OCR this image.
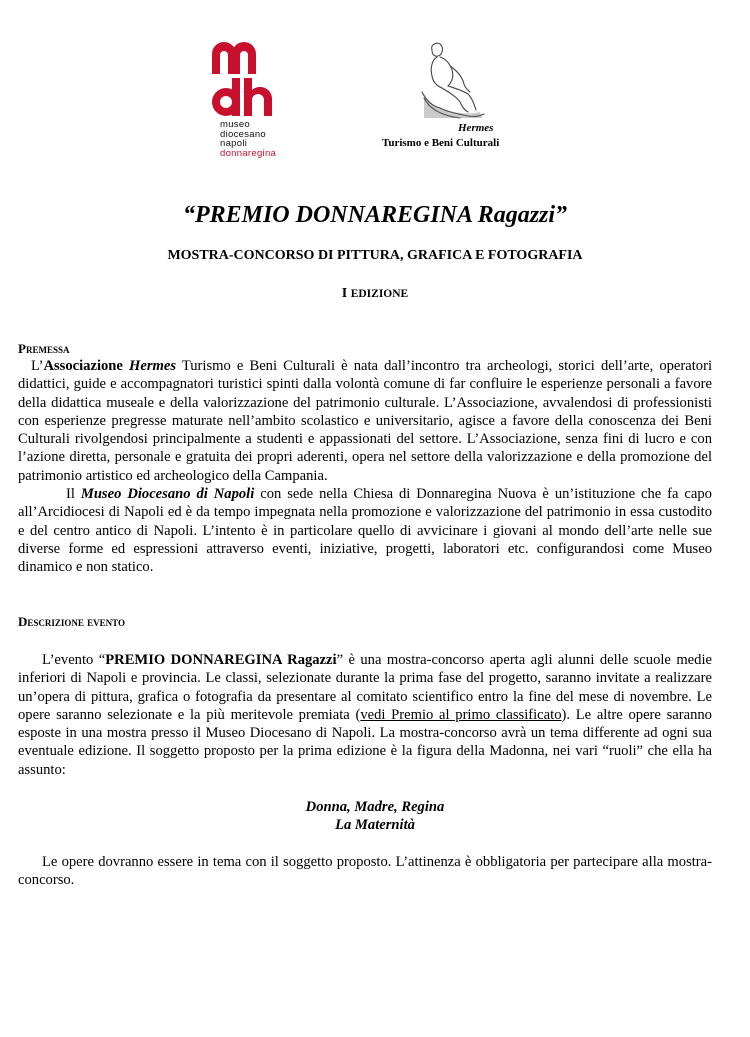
museo
diocesano
napoli
donnaregina
Hermes
Turismo e Beni Culturali
“PREMIO DONNAREGINA Ragazzi”
MOSTRA-CONCORSO DI PITTURA, GRAFICA E FOTOGRAFIA
I EDIZIONE
Premessa

L’Associazione Hermes Turismo e Beni Culturali è nata dall’incontro tra archeologi, storici dell’arte, operatori didattici, guide e accompagnatori turistici spinti dalla volontà comune di far confluire le esperienze personali a favore della didattica museale e della valorizzazione del patrimonio culturale. L’Associazione, avvalendosi di professionisti con esperienze pregresse maturate nell’ambito scolastico e universitario, agisce a favore della conoscenza dei Beni Culturali rivolgendosi principalmente a studenti e appassionati del settore. L’Associazione, senza fini di lucro e con l’azione diretta, personale e gratuita dei propri aderenti, opera nel settore della valorizzazione e della promozione del patrimonio artistico ed archeologico della Campania.

Il Museo Diocesano di Napoli con sede nella Chiesa di Donnaregina Nuova è un’istituzione che fa capo all’Arcidiocesi di Napoli ed è da tempo impegnata nella promozione e valorizzazione del patrimonio in essa custodito e del centro antico di Napoli. L’intento è in particolare quello di avvicinare i giovani al mondo dell’arte nelle sue diverse forme ed espressioni attraverso eventi, iniziative, progetti, laboratori etc. configurandosi come Museo dinamico e non statico.

Descrizione evento

L’evento “PREMIO DONNAREGINA Ragazzi” è una mostra-concorso aperta agli alunni delle scuole medie inferiori di Napoli e provincia. Le classi, selezionate durante la prima fase del progetto, saranno invitate a realizzare un’opera di pittura, grafica o fotografia da presentare al comitato scientifico entro la fine del mese di novembre. Le opere saranno selezionate e la più meritevole premiata (vedi Premio al primo classificato). Le altre opere saranno esposte in una mostra presso il Museo Diocesano di Napoli. La mostra-concorso avrà un tema differente ad ogni sua eventuale edizione. Il soggetto proposto per la prima edizione è la figura della Madonna, nei vari “ruoli” che ella ha assunto:

Donna, Madre, Regina
La Maternità

Le opere dovranno essere in tema con il soggetto proposto. L’attinenza è obbligatoria per partecipare alla mostra-concorso.
